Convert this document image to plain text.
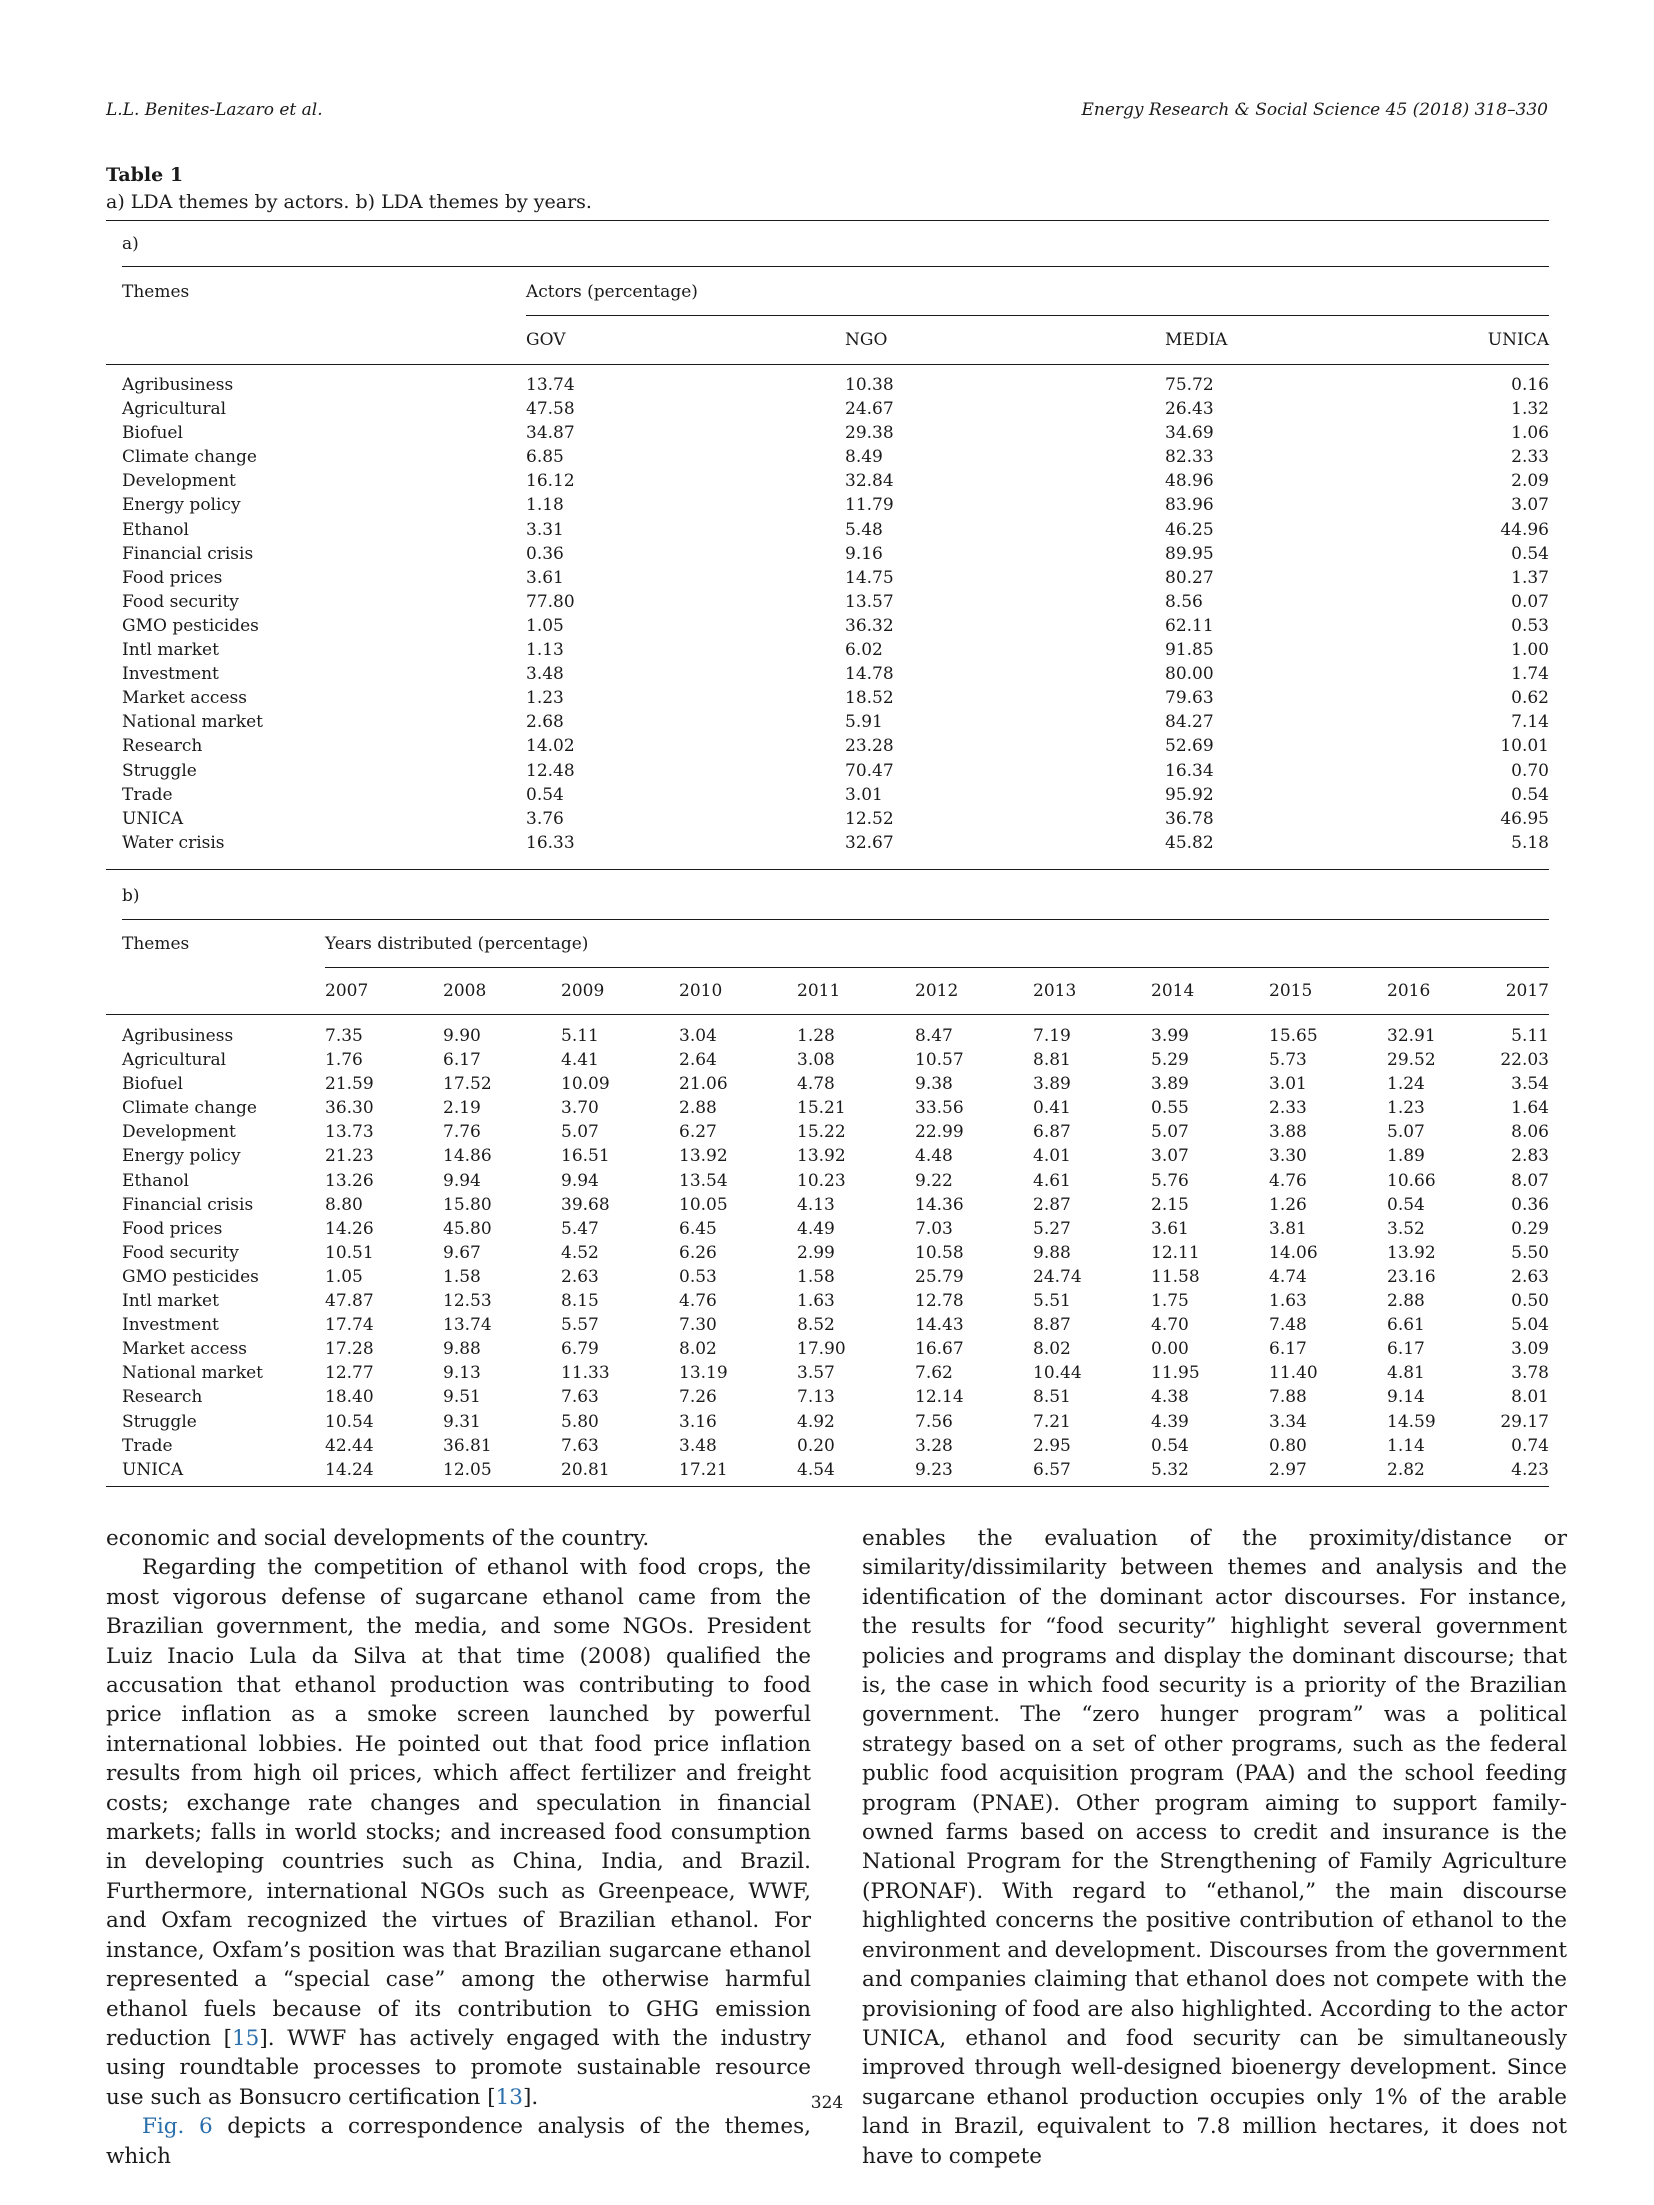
L.L. Benites-Lazaro et al.	Energy Research & Social Science 45 (2018) 318–330
Table 1
a) LDA themes by actors. b) LDA themes by years.
a)
Themes	Actors (percentage)
GOV	NGO	MEDIA	UNICA
Agribusiness	13.74	10.38	75.72	0.16
Agricultural	47.58	24.67	26.43	1.32
Biofuel	34.87	29.38	34.69	1.06
Climate change	6.85	8.49	82.33	2.33
Development	16.12	32.84	48.96	2.09
Energy policy	1.18	11.79	83.96	3.07
Ethanol	3.31	5.48	46.25	44.96
Financial crisis	0.36	9.16	89.95	0.54
Food prices	3.61	14.75	80.27	1.37
Food security	77.80	13.57	8.56	0.07
GMO pesticides	1.05	36.32	62.11	0.53
Intl market	1.13	6.02	91.85	1.00
Investment	3.48	14.78	80.00	1.74
Market access	1.23	18.52	79.63	0.62
National market	2.68	5.91	84.27	7.14
Research	14.02	23.28	52.69	10.01
Struggle	12.48	70.47	16.34	0.70
Trade	0.54	3.01	95.92	0.54
UNICA	3.76	12.52	36.78	46.95
Water crisis	16.33	32.67	45.82	5.18
b)
Themes	Years distributed (percentage)
2007	2008	2009	2010	2011	2012	2013	2014	2015	2016	2017
Agribusiness	7.35	9.90	5.11	3.04	1.28	8.47	7.19	3.99	15.65	32.91	5.11
Agricultural	1.76	6.17	4.41	2.64	3.08	10.57	8.81	5.29	5.73	29.52	22.03
Biofuel	21.59	17.52	10.09	21.06	4.78	9.38	3.89	3.89	3.01	1.24	3.54
Climate change	36.30	2.19	3.70	2.88	15.21	33.56	0.41	0.55	2.33	1.23	1.64
Development	13.73	7.76	5.07	6.27	15.22	22.99	6.87	5.07	3.88	5.07	8.06
Energy policy	21.23	14.86	16.51	13.92	13.92	4.48	4.01	3.07	3.30	1.89	2.83
Ethanol	13.26	9.94	9.94	13.54	10.23	9.22	4.61	5.76	4.76	10.66	8.07
Financial crisis	8.80	15.80	39.68	10.05	4.13	14.36	2.87	2.15	1.26	0.54	0.36
Food prices	14.26	45.80	5.47	6.45	4.49	7.03	5.27	3.61	3.81	3.52	0.29
Food security	10.51	9.67	4.52	6.26	2.99	10.58	9.88	12.11	14.06	13.92	5.50
GMO pesticides	1.05	1.58	2.63	0.53	1.58	25.79	24.74	11.58	4.74	23.16	2.63
Intl market	47.87	12.53	8.15	4.76	1.63	12.78	5.51	1.75	1.63	2.88	0.50
Investment	17.74	13.74	5.57	7.30	8.52	14.43	8.87	4.70	7.48	6.61	5.04
Market access	17.28	9.88	6.79	8.02	17.90	16.67	8.02	0.00	6.17	6.17	3.09
National market	12.77	9.13	11.33	13.19	3.57	7.62	10.44	11.95	11.40	4.81	3.78
Research	18.40	9.51	7.63	7.26	7.13	12.14	8.51	4.38	7.88	9.14	8.01
Struggle	10.54	9.31	5.80	3.16	4.92	7.56	7.21	4.39	3.34	14.59	29.17
Trade	42.44	36.81	7.63	3.48	0.20	3.28	2.95	0.54	0.80	1.14	0.74
UNICA	14.24	12.05	20.81	17.21	4.54	9.23	6.57	5.32	2.97	2.82	4.23

economic and social developments of the country.

Regarding the competition of ethanol with food crops, the most vigorous defense of sugarcane ethanol came from the Brazilian government, the media, and some NGOs. President Luiz Inacio Lula da Silva at that time (2008) qualified the accusation that ethanol production was contributing to food price inflation as a smoke screen launched by powerful international lobbies. He pointed out that food price inflation results from high oil prices, which affect fertilizer and freight costs; exchange rate changes and speculation in financial markets; falls in world stocks; and increased food consumption in developing countries such as China, India, and Brazil. Furthermore, international NGOs such as Greenpeace, WWF, and Oxfam recognized the virtues of Brazilian ethanol. For instance, Oxfam’s position was that Brazilian sugarcane ethanol represented a “special case” among the otherwise harmful ethanol fuels because of its contribution to GHG emission reduction [15]. WWF has actively engaged with the industry using roundtable processes to promote sustainable resource use such as Bonsucro certification [13].

Fig. 6 depicts a correspondence analysis of the themes, which

enables the evaluation of the proximity/distance or similarity/dissimilarity between themes and analysis and the identification of the dominant actor discourses. For instance, the results for “food security” highlight several government policies and programs and display the dominant discourse; that is, the case in which food security is a priority of the Brazilian government. The “zero hunger program” was a political strategy based on a set of other programs, such as the federal public food acquisition program (PAA) and the school feeding program (PNAE). Other program aiming to support family-owned farms based on access to credit and insurance is the National Program for the Strengthening of Family Agriculture (PRONAF). With regard to “ethanol,” the main discourse highlighted concerns the positive contribution of ethanol to the environment and development. Discourses from the government and companies claiming that ethanol does not compete with the provisioning of food are also highlighted. According to the actor UNICA, ethanol and food security can be simultaneously improved through well-designed bioenergy development. Since sugarcane ethanol production occupies only 1% of the arable land in Brazil, equivalent to 7.8 million hectares, it does not have to compete

324
